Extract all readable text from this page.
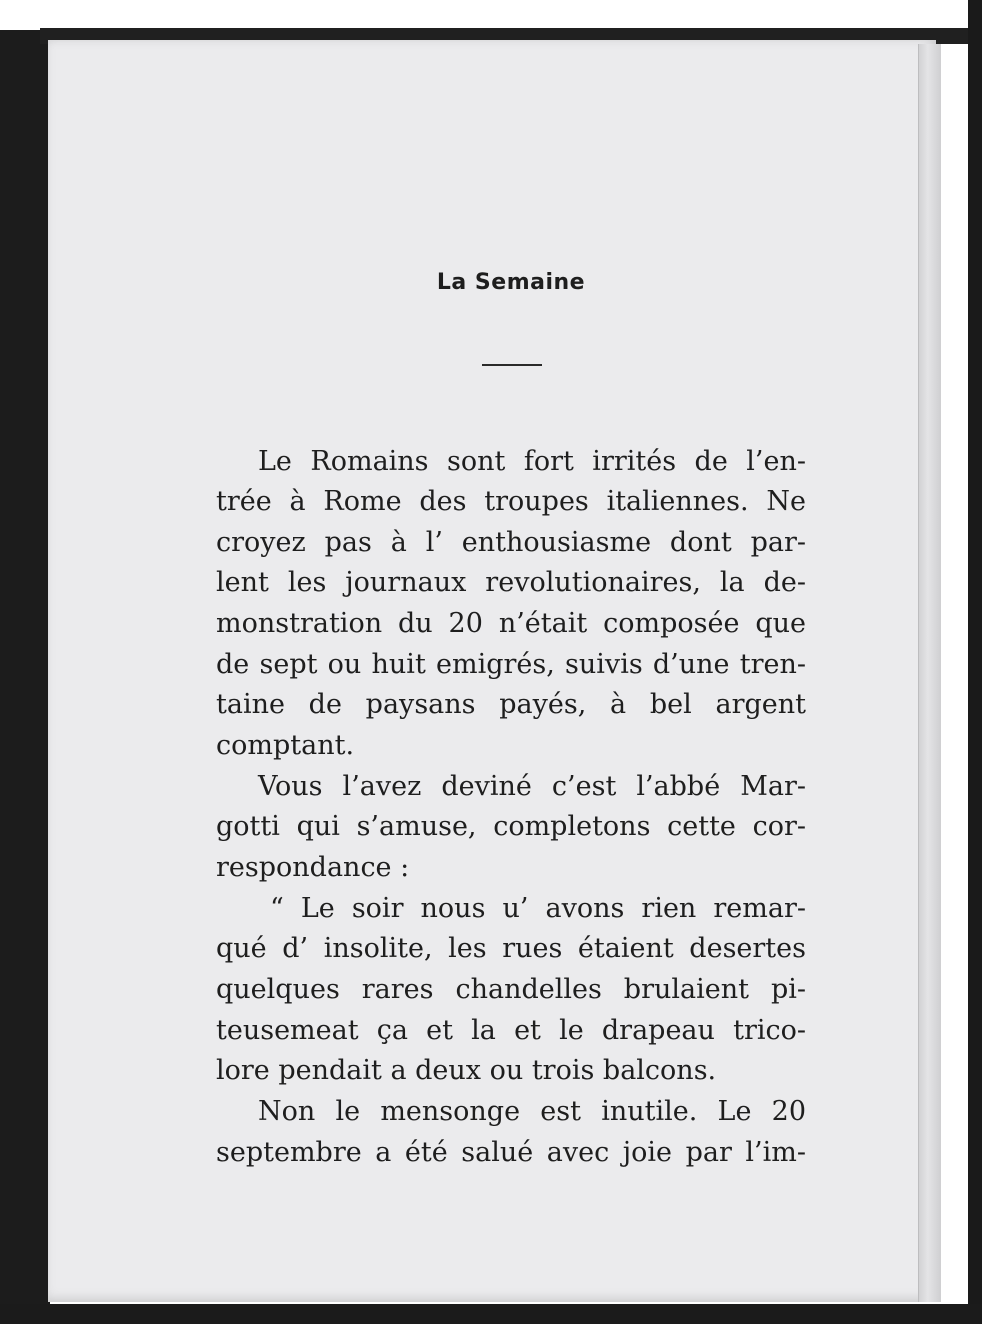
La Semaine
Le Romains sont fort irrités de l’en-
trée à Rome des troupes italiennes. Ne
croyez pas à l’ enthousiasme dont par-
lent les journaux revolutionaires, la de-
monstration du 20 n’était composée que
de sept ou huit emigrés, suivis d’une tren-
taine de paysans payés, à bel argent
comptant.
Vous l’avez deviné c’est l’abbé Mar-
gotti qui s’amuse, completons cette cor-
respondance :
“ Le soir nous u’ avons rien remar-
qué d’ insolite, les rues étaient desertes
quelques rares chandelles brulaient pi-
teusemeat ça et la et le drapeau trico-
lore pendait a deux ou trois balcons.
Non le mensonge est inutile. Le 20
septembre a été salué avec joie par l’im-
